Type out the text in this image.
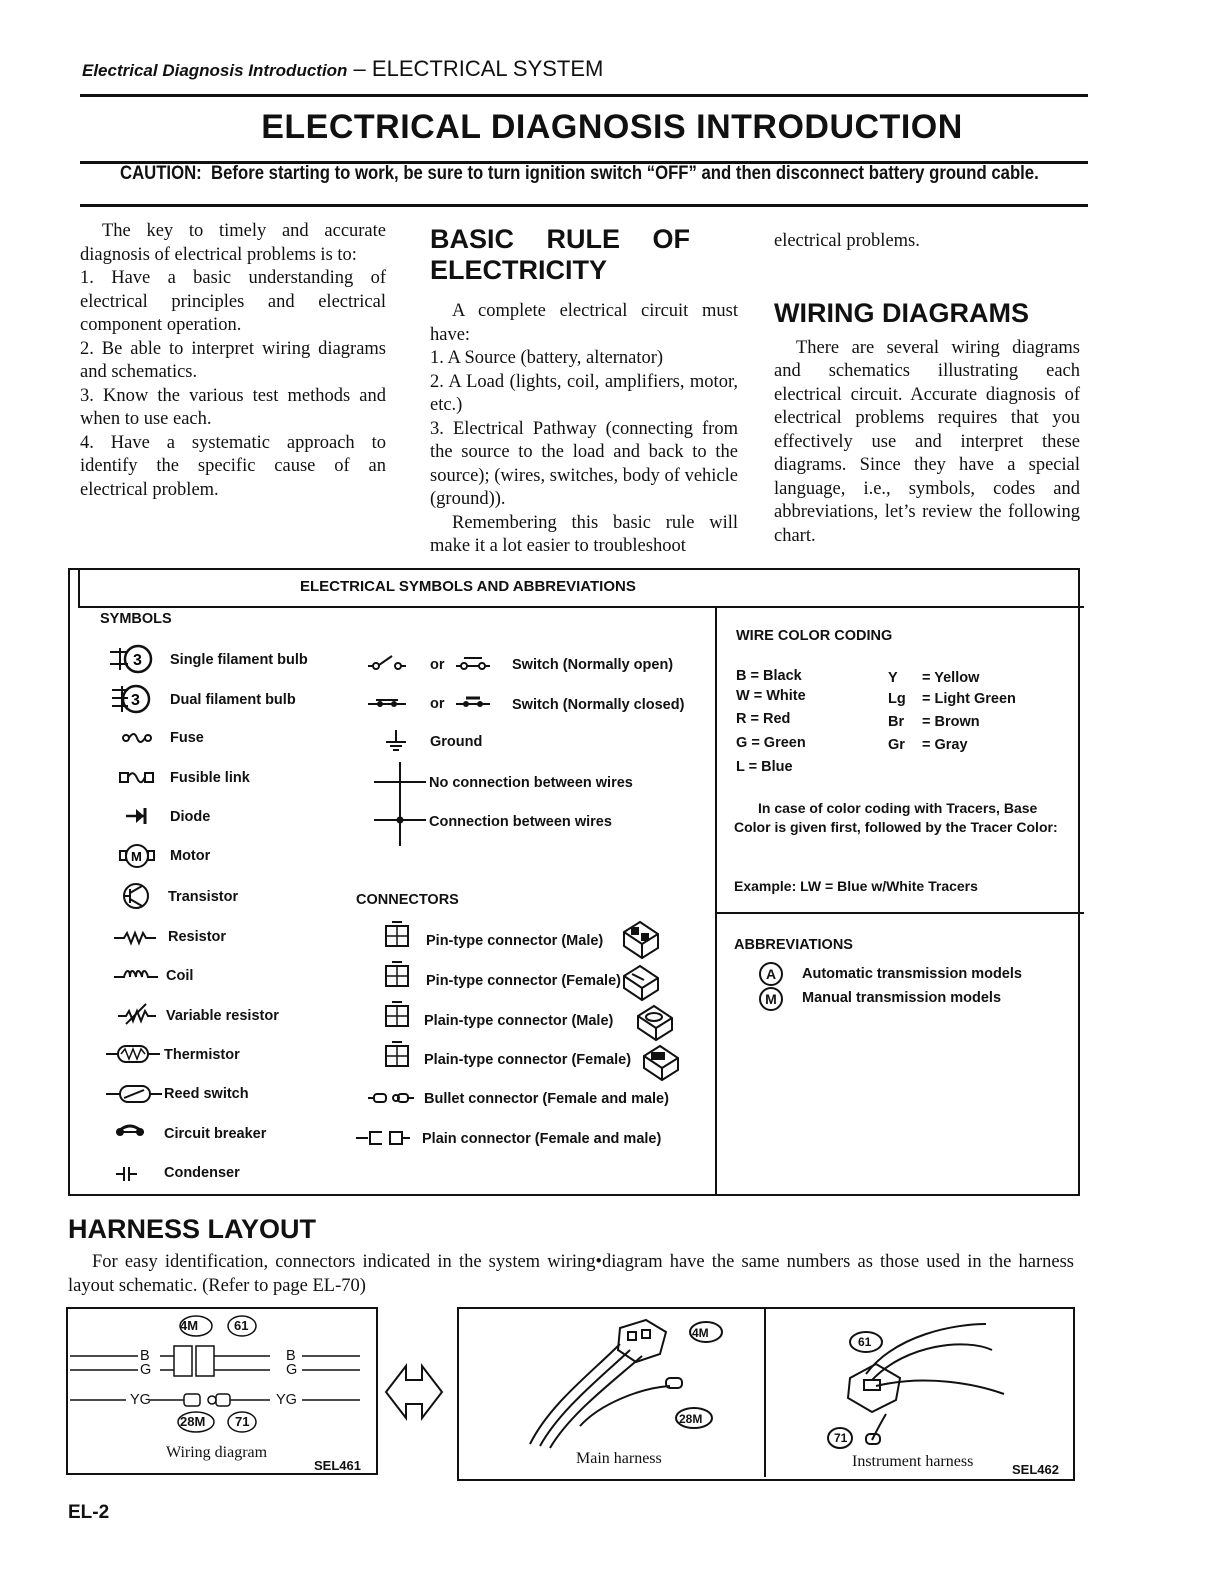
Electrical Diagnosis Introduction – ELECTRICAL SYSTEM
ELECTRICAL DIAGNOSIS INTRODUCTION
CAUTION: Before starting to work, be sure to turn ignition switch “OFF” and then disconnect battery ground cable.

The key to timely and accurate diagnosis of electrical problems is to:

1. Have a basic understanding of electrical principles and electrical component operation.

2. Be able to interpret wiring diagrams and schematics.

3. Know the various test methods and when to use each.

4. Have a systematic approach to identify the specific cause of an electrical problem.

BASIC RULE OF ELECTRICITY

A complete electrical circuit must have:

1. A Source (battery, alternator)

2. A Load (lights, coil, amplifiers, motor, etc.)

3. Electrical Pathway (connecting from the source to the load and back to the source); (wires, switches, body of vehicle (ground)).

Remembering this basic rule will make it a lot easier to troubleshoot

electrical problems.

WIRING DIAGRAMS

There are several wiring diagrams and schematics illustrating each electrical circuit. Accurate diagnosis of electrical problems requires that you effectively use and interpret these diagrams. Since they have a special language, i.e., symbols, codes and abbreviations, let’s review the following chart.

ELECTRICAL SYMBOLS AND ABBREVIATIONS
SYMBOLS
3
3
M
Single filament bulb
Dual filament bulb
Fuse
Fusible link
Diode
Motor
Transistor
Resistor
Coil
Variable resistor
Thermistor
Reed switch
Circuit breaker
Condenser
or	Switch (Normally open)
or	Switch (Normally closed)
Ground
No connection between wires
Connection between wires
CONNECTORS
Pin-type connector (Male)
Pin-type connector (Female)
Plain-type connector (Male)
Plain-type connector (Female)
Bullet connector (Female and male)
Plain connector (Female and male)
WIRE COLOR CODING
B = Black
W = White
R = Red
G = Green
L = Blue
Y = Yellow
Lg = Light Green
Br = Brown
Gr = Gray
In case of color coding with Tracers, Base Color is given first, followed by the Tracer Color:
Example: LW = Blue w/White Tracers
ABBREVIATIONS
A	Automatic transmission models
M	Manual transmission models
HARNESS LAYOUT
For easy identification, connectors indicated in the system wiring•diagram have the same numbers as those used in the harness layout schematic. (Refer to page EL-70)
4M	61
28M 71
B
G
YG
B
G
YG
Wiring diagram
SEL461
4M
28M
Main harness
61
71
Instrument harness	SEL462
EL-2
